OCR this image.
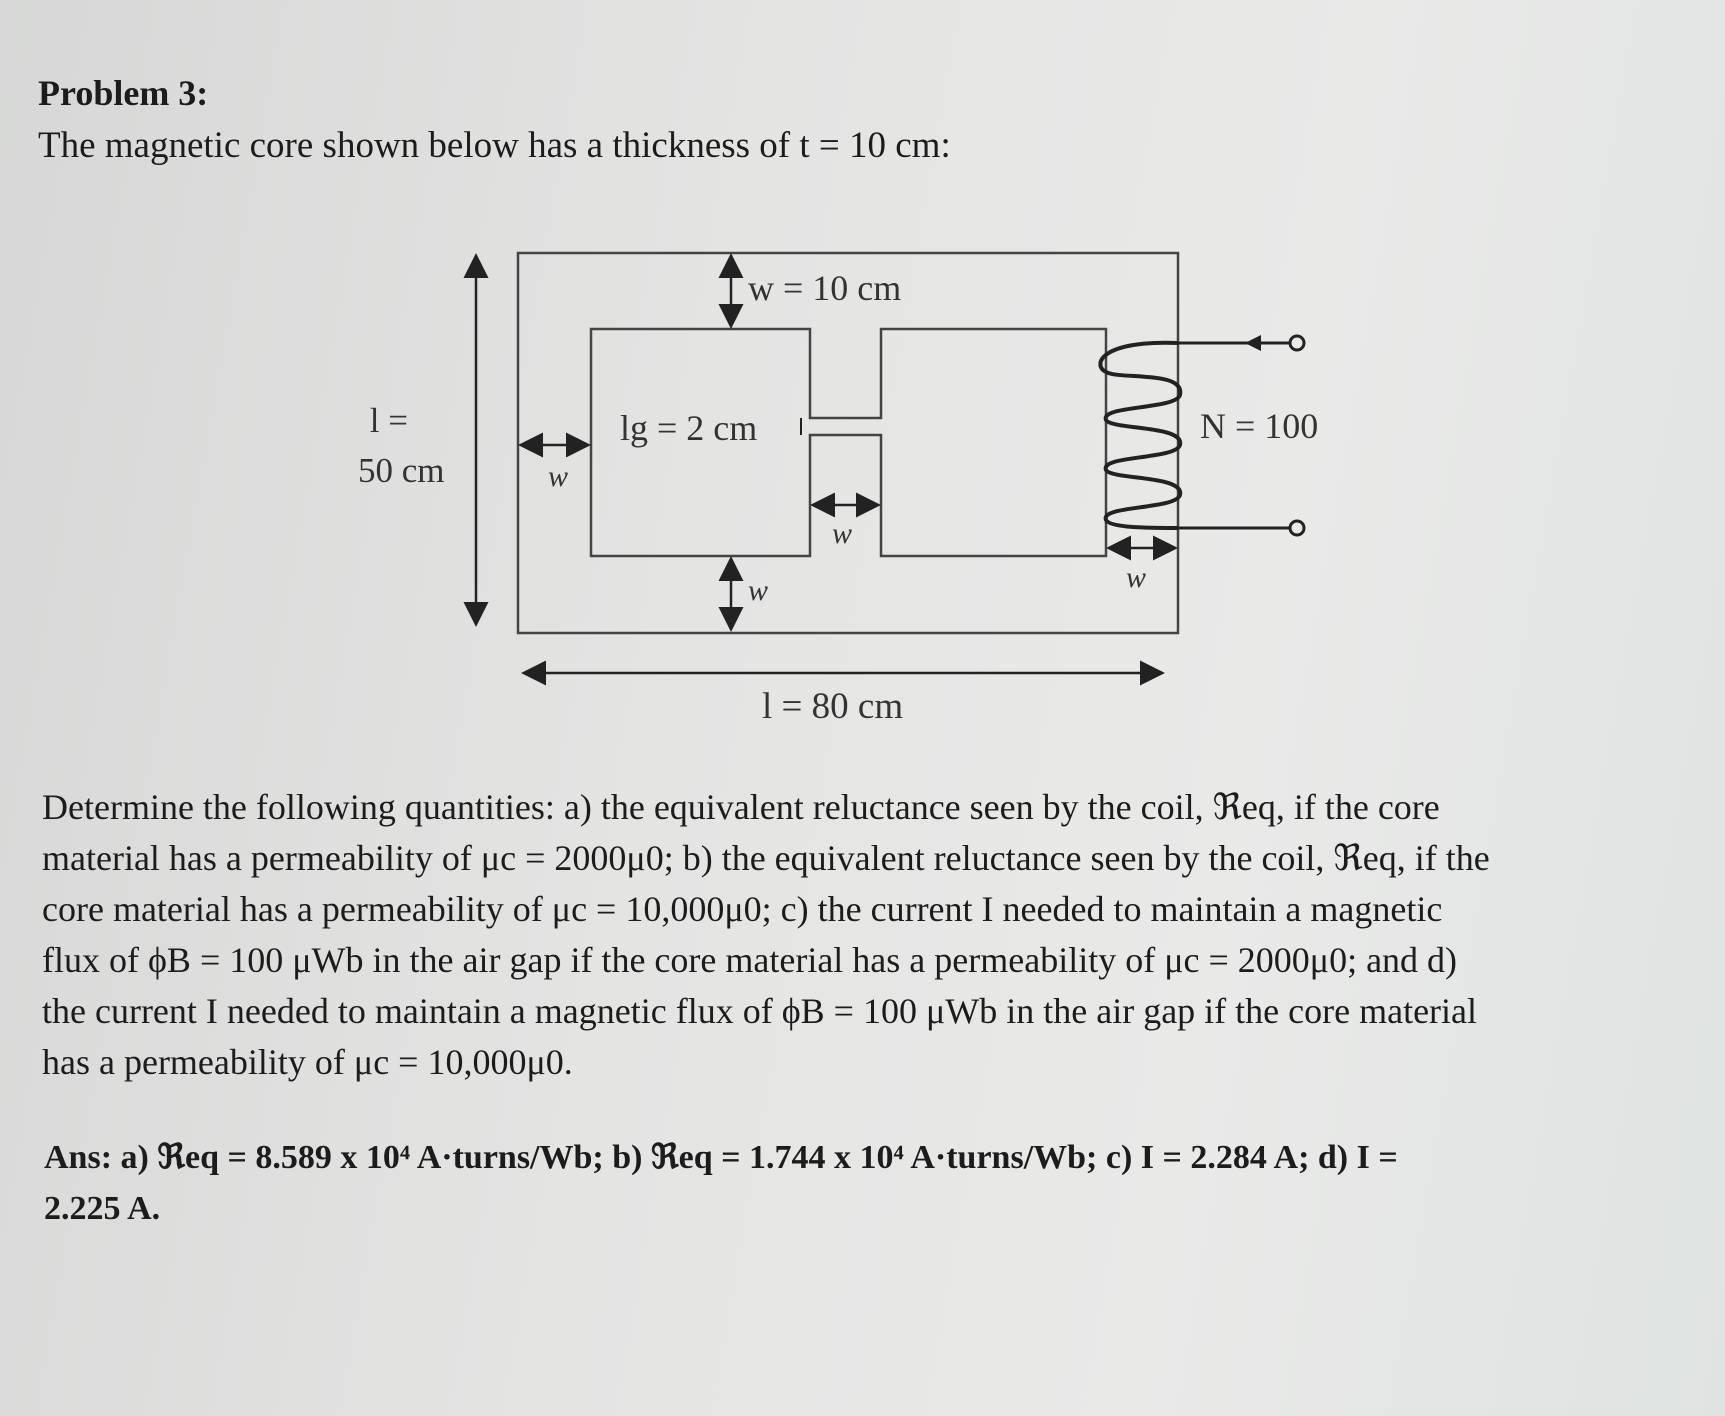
Problem 3:
The magnetic core shown below has a thickness of t = 10 cm:
w = 10 cm
l =
50 cm
lg = 2 cm
w
w
w
w
N = 100
l = 80 cm
Determine the following quantities: a) the equivalent reluctance seen by the coil, ℜeq, if the core
material has a permeability of μc = 2000μ0; b) the equivalent reluctance seen by the coil, ℜeq, if the
core material has a permeability of μc = 10,000μ0; c) the current I needed to maintain a magnetic
flux of ϕB = 100 μWb in the air gap if the core material has a permeability of μc = 2000μ0; and d)
the current I needed to maintain a magnetic flux of ϕB = 100 μWb in the air gap if the core material
has a permeability of μc = 10,000μ0.
Ans: a) ℜeq = 8.589 x 10⁴ A·turns/Wb; b) ℜeq = 1.744 x 10⁴ A·turns/Wb; c) I = 2.284 A; d) I =
2.225 A.
